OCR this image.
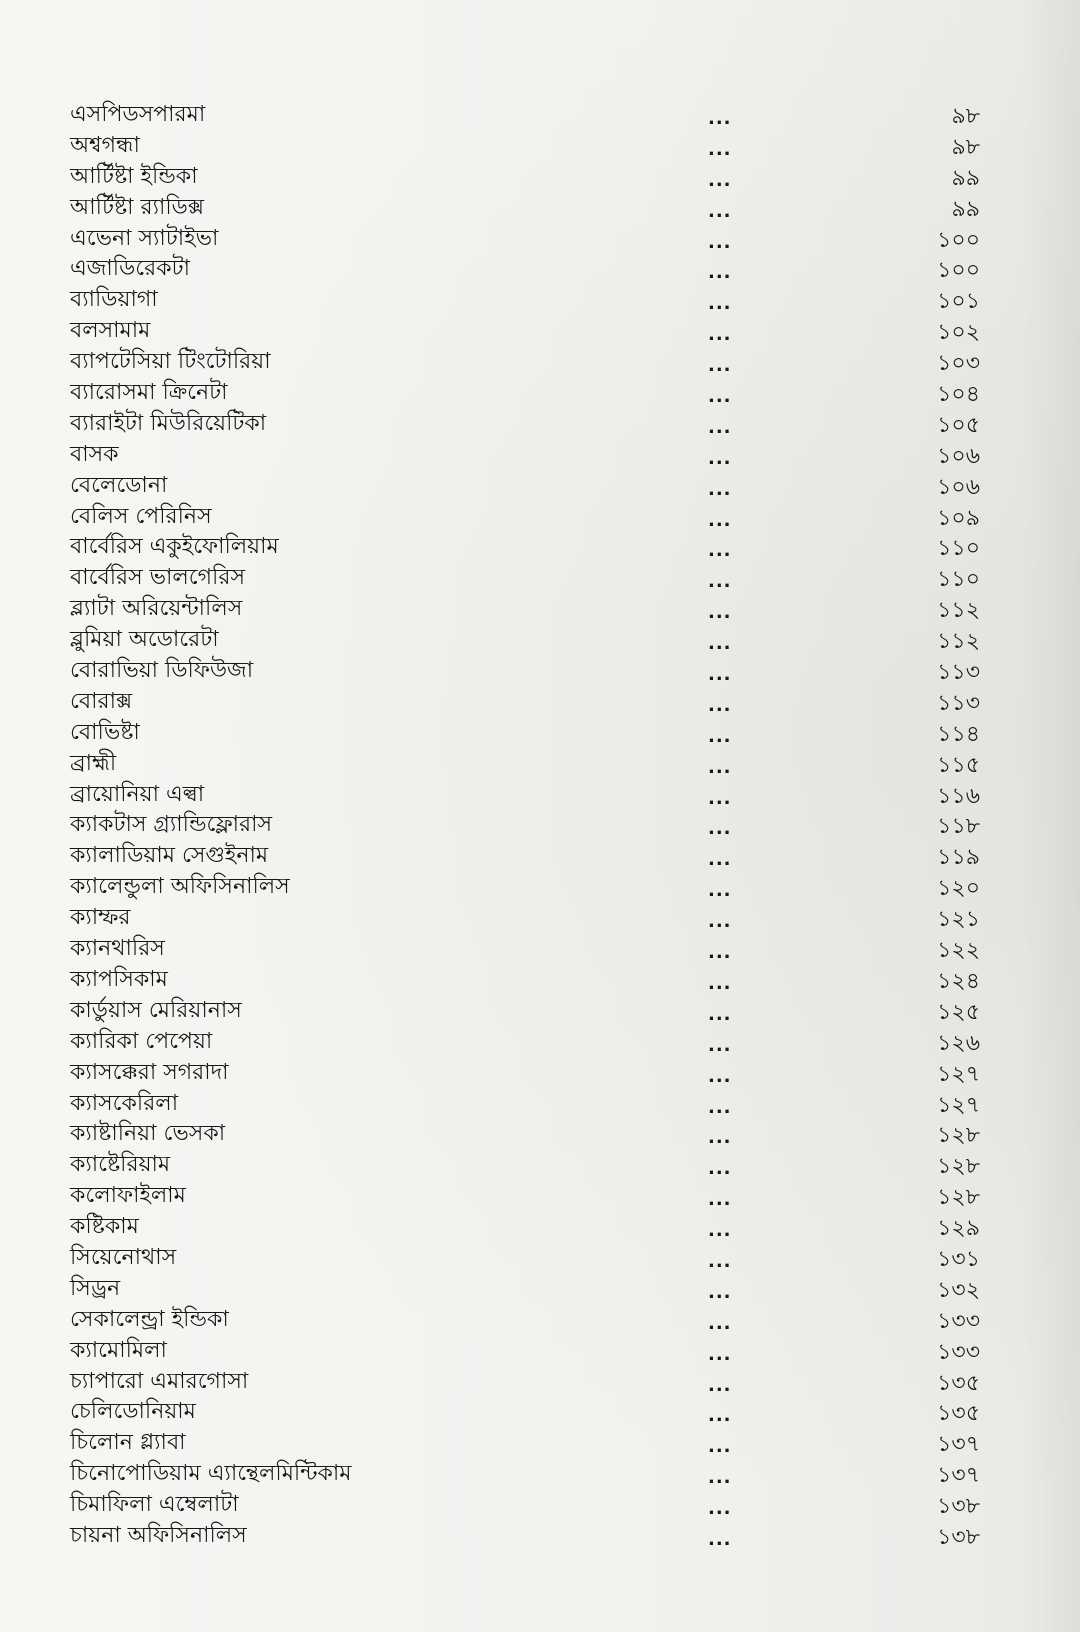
এসপিডসপারমা	...	৯৮
অশ্বগন্ধা	...	৯৮
আর্টিষ্টা ইন্ডিকা	...	৯৯
আর্টিষ্টা র‍্যাডিক্স	...	৯৯
এভেনা স্যাটাইভা	...	১০০
এজাডিরেকটা	...	১০০
ব্যাডিয়াগা	...	১০১
বলসামাম	...	১০২
ব্যাপটেসিয়া টিংটোরিয়া	...	১০৩
ব্যারোসমা ক্রিনেটা	...	১০৪
ব্যারাইটা মিউরিয়েটিকা	...	১০৫
বাসক	...	১০৬
বেলেডোনা	...	১০৬
বেলিস পেরিনিস	...	১০৯
বার্বেরিস একুইফোলিয়াম	...	১১০
বার্বেরিস ভালগেরিস	...	১১০
ব্ল্যাটা অরিয়েন্টালিস	...	১১২
ব্লুমিয়া অডোরেটা	...	১১২
বোরাভিয়া ডিফিউজা	...	১১৩
বোরাক্স	...	১১৩
বোভিষ্টা	...	১১৪
ব্রাহ্মী	...	১১৫
ব্রায়োনিয়া এল্বা	...	১১৬
ক্যাকটাস গ্র্যান্ডিফ্লোরাস	...	১১৮
ক্যালাডিয়াম সেগুইনাম	...	১১৯
ক্যালেন্ডুলা অফিসিনালিস	...	১২০
ক্যাম্ফর	...	১২১
ক্যানথারিস	...	১২২
ক্যাপসিকাম	...	১২৪
কার্ডুয়াস মেরিয়ানাস	...	১২৫
ক্যারিকা পেপেয়া	...	১২৬
ক্যাসক্কেরা সগরাদা	...	১২৭
ক্যাসকেরিলা	...	১২৭
ক্যাষ্টানিয়া ভেসকা	...	১২৮
ক্যাষ্টেরিয়াম	...	১২৮
কলোফাইলাম	...	১২৮
কষ্টিকাম	...	১২৯
সিয়েনোথাস	...	১৩১
সিড্রন	...	১৩২
সেকালেন্ড্রা ইন্ডিকা	...	১৩৩
ক্যামোমিলা	...	১৩৩
চ্যাপারো এমারগোসা	...	১৩৫
চেলিডোনিয়াম	...	১৩৫
চিলোন গ্ল্যাবা	...	১৩৭
চিনোপোডিয়াম এ্যান্থেলমিন্টিকাম	...	১৩৭
চিমাফিলা এম্বেলাটা	...	১৩৮
চায়না অফিসিনালিস	...	১৩৮
